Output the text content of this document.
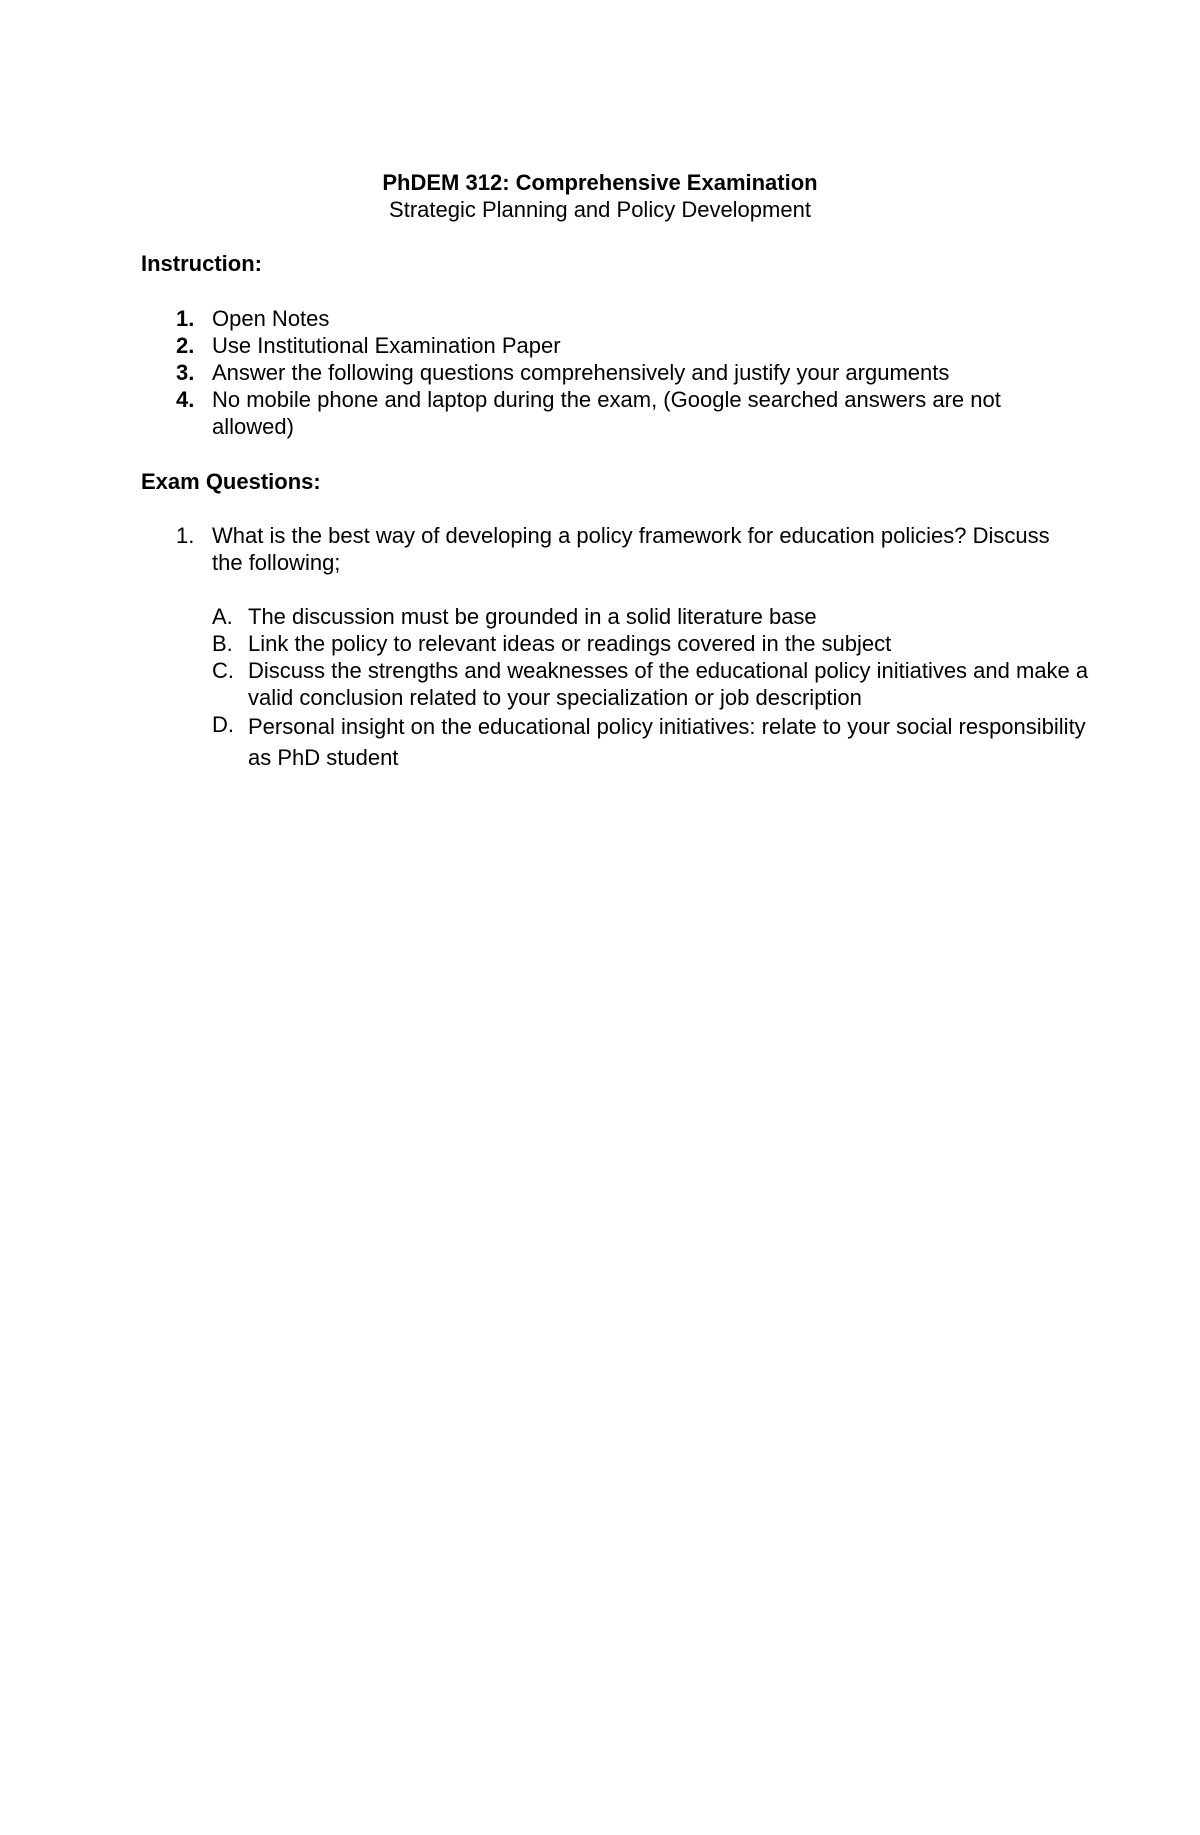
PhDEM 312: Comprehensive Examination

Strategic Planning and Policy Development

Instruction:

1. Open Notes
2. Use Institutional Examination Paper
3. Answer the following questions comprehensively and justify your arguments
4. No mobile phone and laptop during the exam, (Google searched answers are not allowed)

Exam Questions:

1. What is the best way of developing a policy framework for education policies? Discuss the following;
A. The discussion must be grounded in a solid literature base
B. Link the policy to relevant ideas or readings covered in the subject
C. Discuss the strengths and weaknesses of the educational policy initiatives and make a valid conclusion related to your specialization or job description
D. Personal insight on the educational policy initiatives: relate to your social responsibility as PhD student
